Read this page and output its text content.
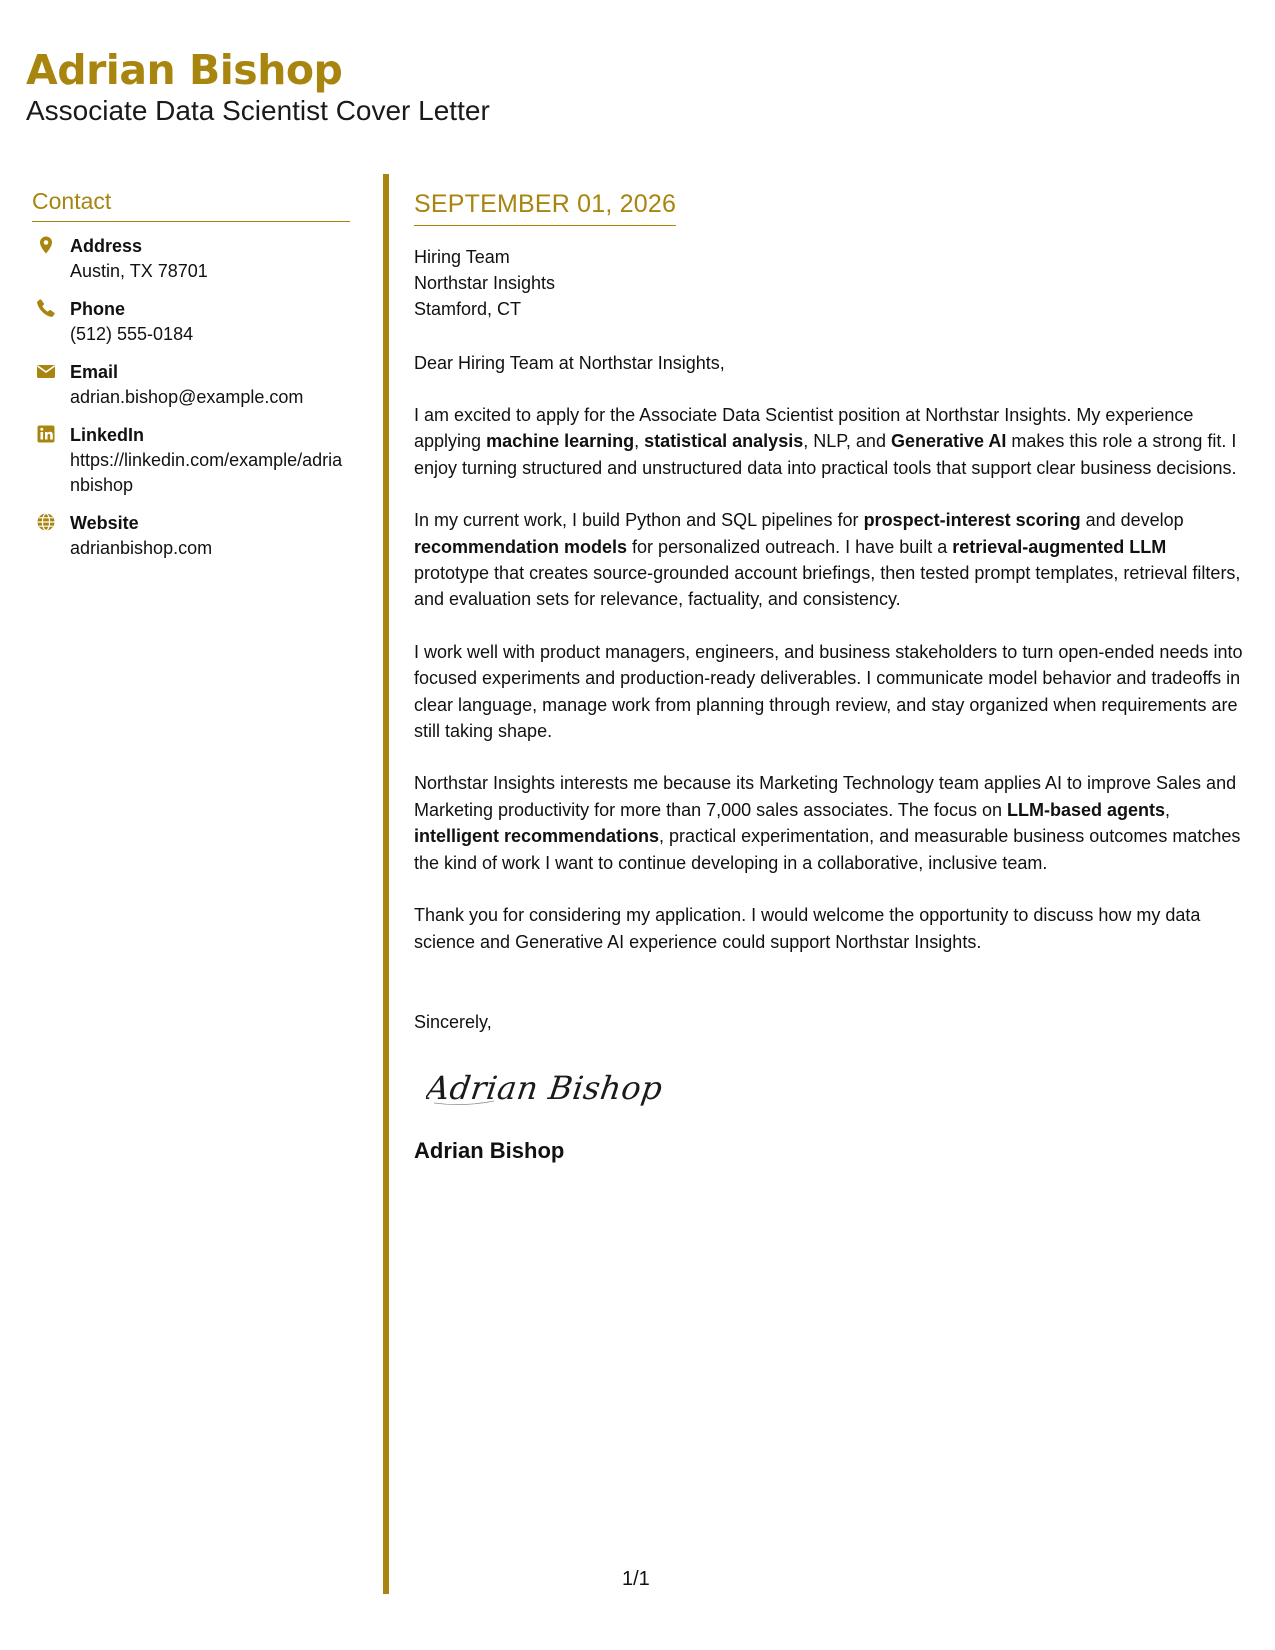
Adrian Bishop
Associate Data Scientist Cover Letter
Contact
Address
Austin, TX 78701
Phone
(512) 555-0184
Email
adrian.bishop@example.com
LinkedIn
https://linkedin.com/example/adrianbishop
Website
adrianbishop.com
SEPTEMBER 01, 2026
Hiring Team
Northstar Insights
Stamford, CT
Dear Hiring Team at Northstar Insights,
I am excited to apply for the Associate Data Scientist position at Northstar Insights. My experience applying machine learning, statistical analysis, NLP, and Generative AI makes this role a strong fit. I enjoy turning structured and unstructured data into practical tools that support clear business decisions.
In my current work, I build Python and SQL pipelines for prospect-interest scoring and develop recommendation models for personalized outreach. I have built a retrieval-augmented LLM prototype that creates source-grounded account briefings, then tested prompt templates, retrieval filters, and evaluation sets for relevance, factuality, and consistency.
I work well with product managers, engineers, and business stakeholders to turn open-ended needs into focused experiments and production-ready deliverables. I communicate model behavior and tradeoffs in clear language, manage work from planning through review, and stay organized when requirements are still taking shape.
Northstar Insights interests me because its Marketing Technology team applies AI to improve Sales and Marketing productivity for more than 7,000 sales associates. The focus on LLM-based agents, intelligent recommendations, practical experimentation, and measurable business outcomes matches the kind of work I want to continue developing in a collaborative, inclusive team.
Thank you for considering my application. I would welcome the opportunity to discuss how my data science and Generative AI experience could support Northstar Insights.
Sincerely,
Adrian Bishop
Adrian Bishop
1/1
